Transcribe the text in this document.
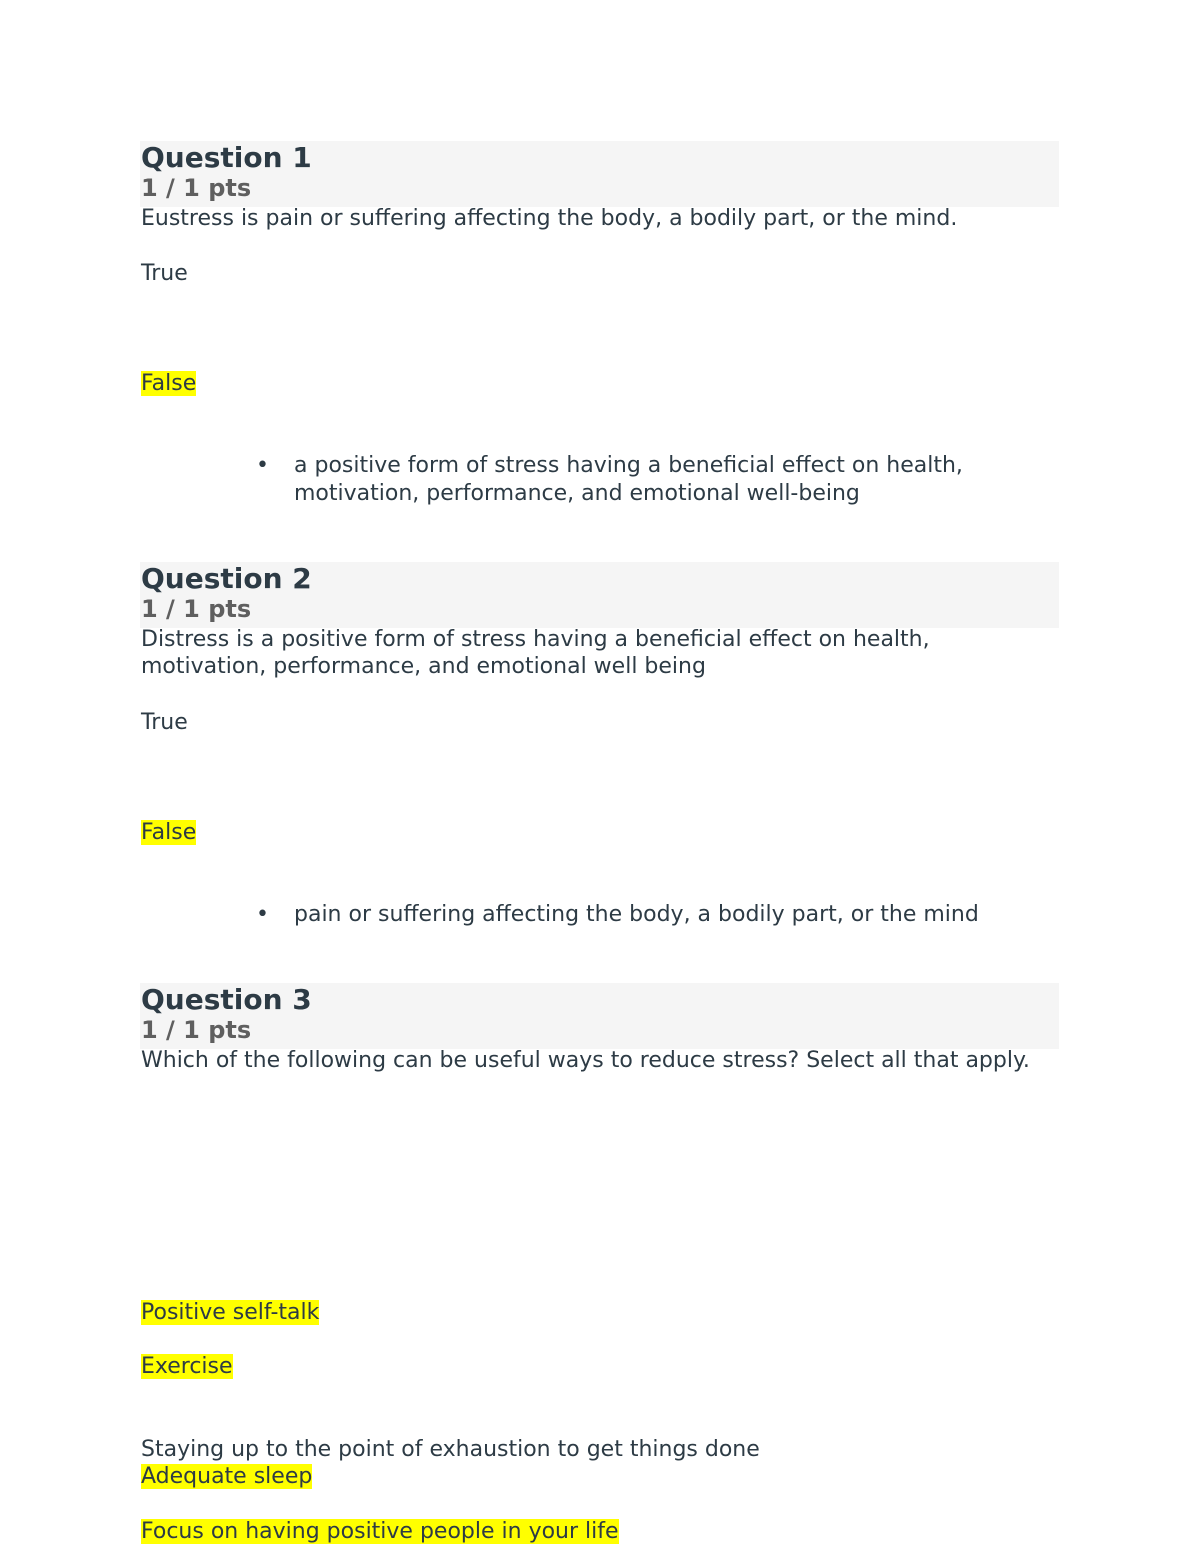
Question 1
1 / 1 pts

Eustress is pain or suffering affecting the body, a bodily part, or the mind.

True

False

• a positive form of stress having a beneficial effect on health, motivation, performance, and emotional well-being
Question 2
1 / 1 pts

Distress is a positive form of stress having a beneficial effect on health, motivation, performance, and emotional well being

True

False

• pain or suffering affecting the body, a bodily part, or the mind
Question 3
1 / 1 pts

Which of the following can be useful ways to reduce stress? Select all that apply.

Positive self-talk

Exercise

Staying up to the point of exhaustion to get things done

Adequate sleep

Focus on having positive people in your life
